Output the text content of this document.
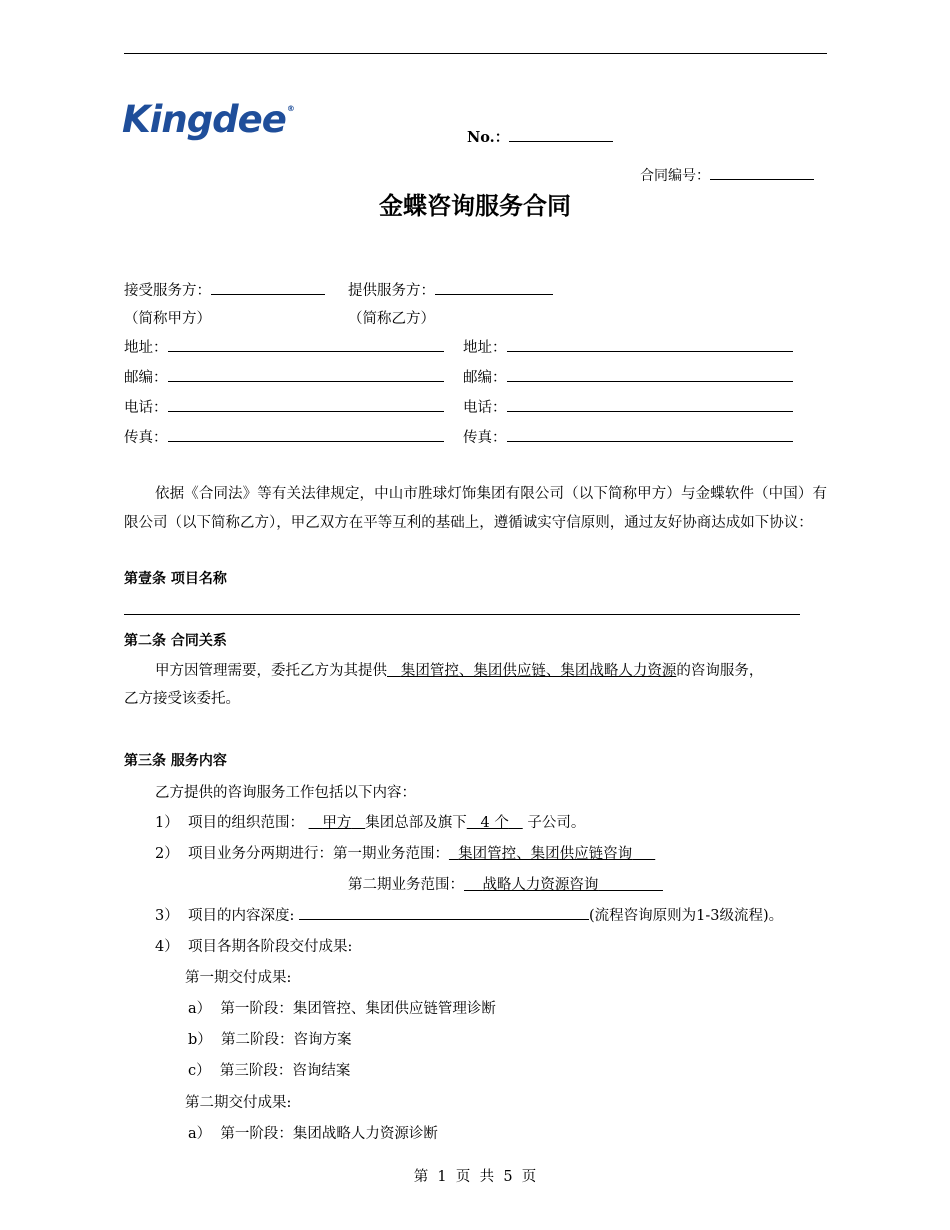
Kingdee®
No.：
合同编号：
金蝶咨询服务合同
接受服务方：	提供服务方：
（简称甲方）	（简称乙方）
地址：	地址：
邮编：	邮编：
电话：	电话：
传真：	传真：
依据《合同法》等有关法律规定，中山市胜球灯饰集团有限公司（以下简称甲方）与金蝶软件（中国）有限公司（以下简称乙方），甲乙双方在平等互利的基础上，遵循诚实守信原则，通过友好协商达成如下协议：
第壹条 项目名称
第二条 合同关系
甲方因管理需要，委托乙方为其提供 集团管控、集团供应链、集团战略人力资源的咨询服务，
乙方接受该委托。
第三条 服务内容
乙方提供的咨询服务工作包括以下内容：
1） 项目的组织范围： 甲方 集团总部及旗下 4 个 子公司。
2） 项目业务分两期进行：第一期业务范围： 集团管控、集团供应链咨询
第二期业务范围： 战略人力资源咨询
3） 项目的内容深度:	(流程咨询原则为1-3级流程)。
4） 项目各期各阶段交付成果:
第一期交付成果:
a） 第一阶段：集团管控、集团供应链管理诊断
b） 第二阶段：咨询方案
c） 第三阶段：咨询结案
第二期交付成果:
a） 第一阶段：集团战略人力资源诊断
第  1  页  共  5  页
